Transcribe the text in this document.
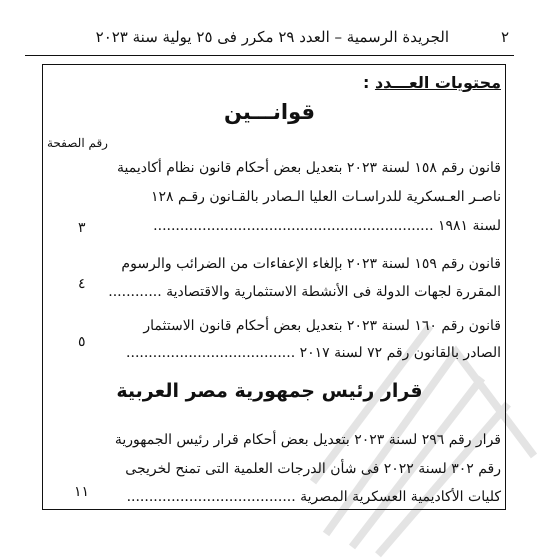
٢
الجريدة الرسمية – العدد ٢٩ مكرر فى ٢٥ يولية سنة ٢٠٢٣
محتويات العـــدد :
قوانـــين
رقم الصفحة
قانون رقم ١٥٨ لسنة ٢٠٢٣ بتعديل بعض أحكام قانون نظام أكاديمية
ناصـر العـسكرية للدراسـات العليا الـصادر بالقـانون رقـم ١٢٨
لسنة ١٩٨١ ...............................................................
٣
قانون رقم ١٥٩ لسنة ٢٠٢٣ بإلغاء الإعفاءات من الضرائب والرسوم
المقررة لجهات الدولة فى الأنشطة الاستثمارية والاقتصادية ............
٤
قانون رقم ١٦٠ لسنة ٢٠٢٣ بتعديل بعض أحكام قانون الاستثمار
الصادر بالقانون رقم ٧٢ لسنة ٢٠١٧ ......................................
٥
قرار رئيس جمهورية مصر العربية
قرار رقم ٢٩٦ لسنة ٢٠٢٣ بتعديل بعض أحكام قرار رئيس الجمهورية
رقم ٣٠٢ لسنة ٢٠٢٢ فى شأن الدرجات العلمية التى تمنح لخريجى
كليات الأكاديمية العسكرية المصرية ......................................
١١
